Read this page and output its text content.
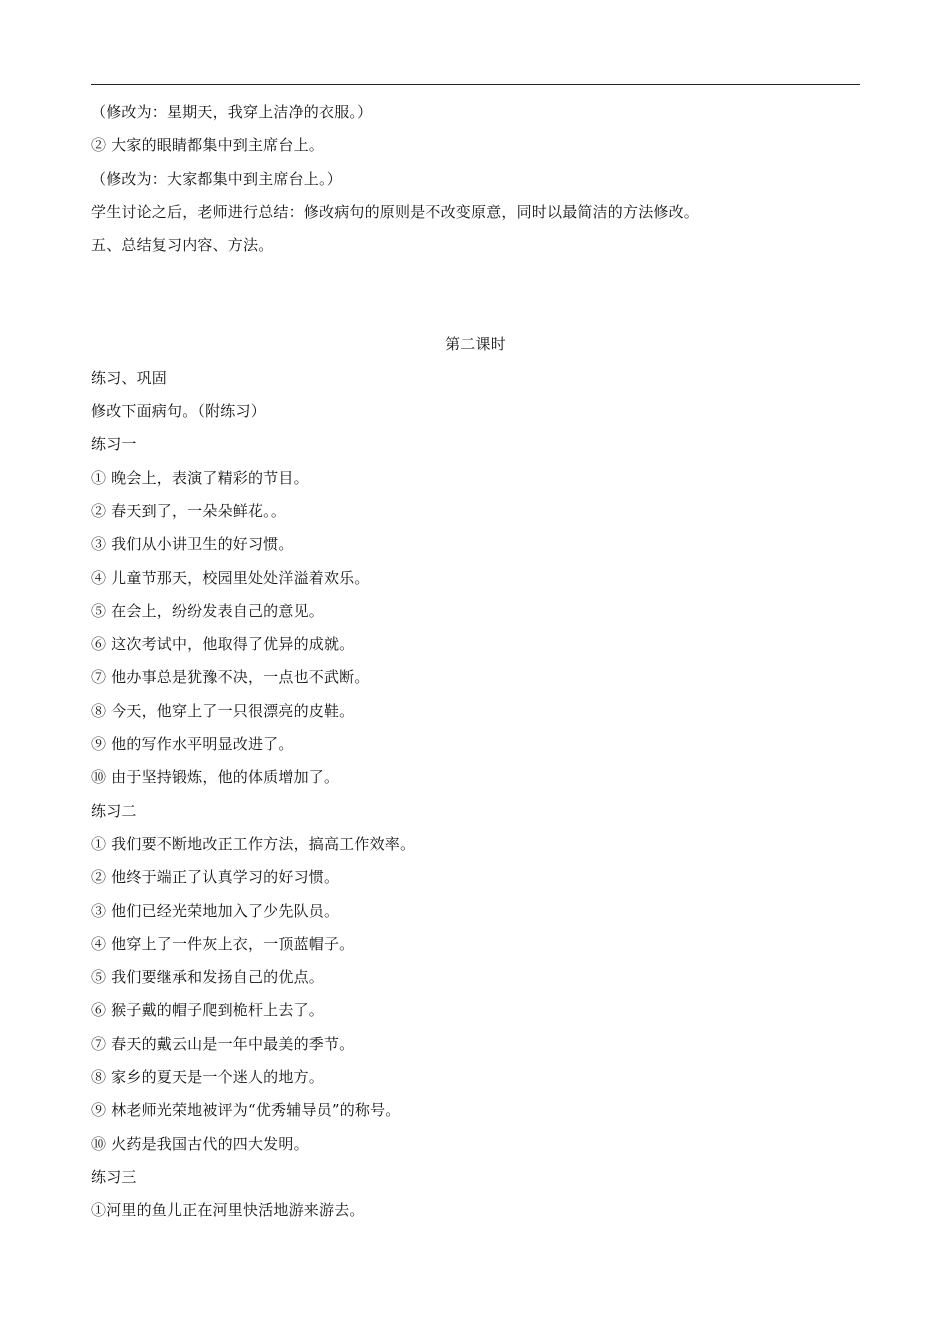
（修改为：星期天，我穿上洁净的衣服。）
② 大家的眼睛都集中到主席台上。
（修改为：大家都集中到主席台上。）
学生讨论之后，老师进行总结：修改病句的原则是不改变原意，同时以最简洁的方法修改。
五、总结复习内容、方法。
第二课时
练习、巩固
修改下面病句。（附练习）
练习一
① 晚会上，表演了精彩的节目。
② 春天到了，一朵朵鲜花。。
③ 我们从小讲卫生的好习惯。
④ 儿童节那天，校园里处处洋溢着欢乐。
⑤ 在会上，纷纷发表自己的意见。
⑥ 这次考试中，他取得了优异的成就。
⑦ 他办事总是犹豫不决，一点也不武断。
⑧ 今天，他穿上了一只很漂亮的皮鞋。
⑨ 他的写作水平明显改进了。
⑩ 由于坚持锻炼，他的体质增加了。
练习二
① 我们要不断地改正工作方法，搞高工作效率。
② 他终于端正了认真学习的好习惯。
③ 他们已经光荣地加入了少先队员。
④ 他穿上了一件灰上衣，一顶蓝帽子。
⑤ 我们要继承和发扬自己的优点。
⑥ 猴子戴的帽子爬到桅杆上去了。
⑦ 春天的戴云山是一年中最美的季节。
⑧ 家乡的夏天是一个迷人的地方。
⑨ 林老师光荣地被评为“优秀辅导员”的称号。
⑩ 火药是我国古代的四大发明。
练习三
①河里的鱼儿正在河里快活地游来游去。
